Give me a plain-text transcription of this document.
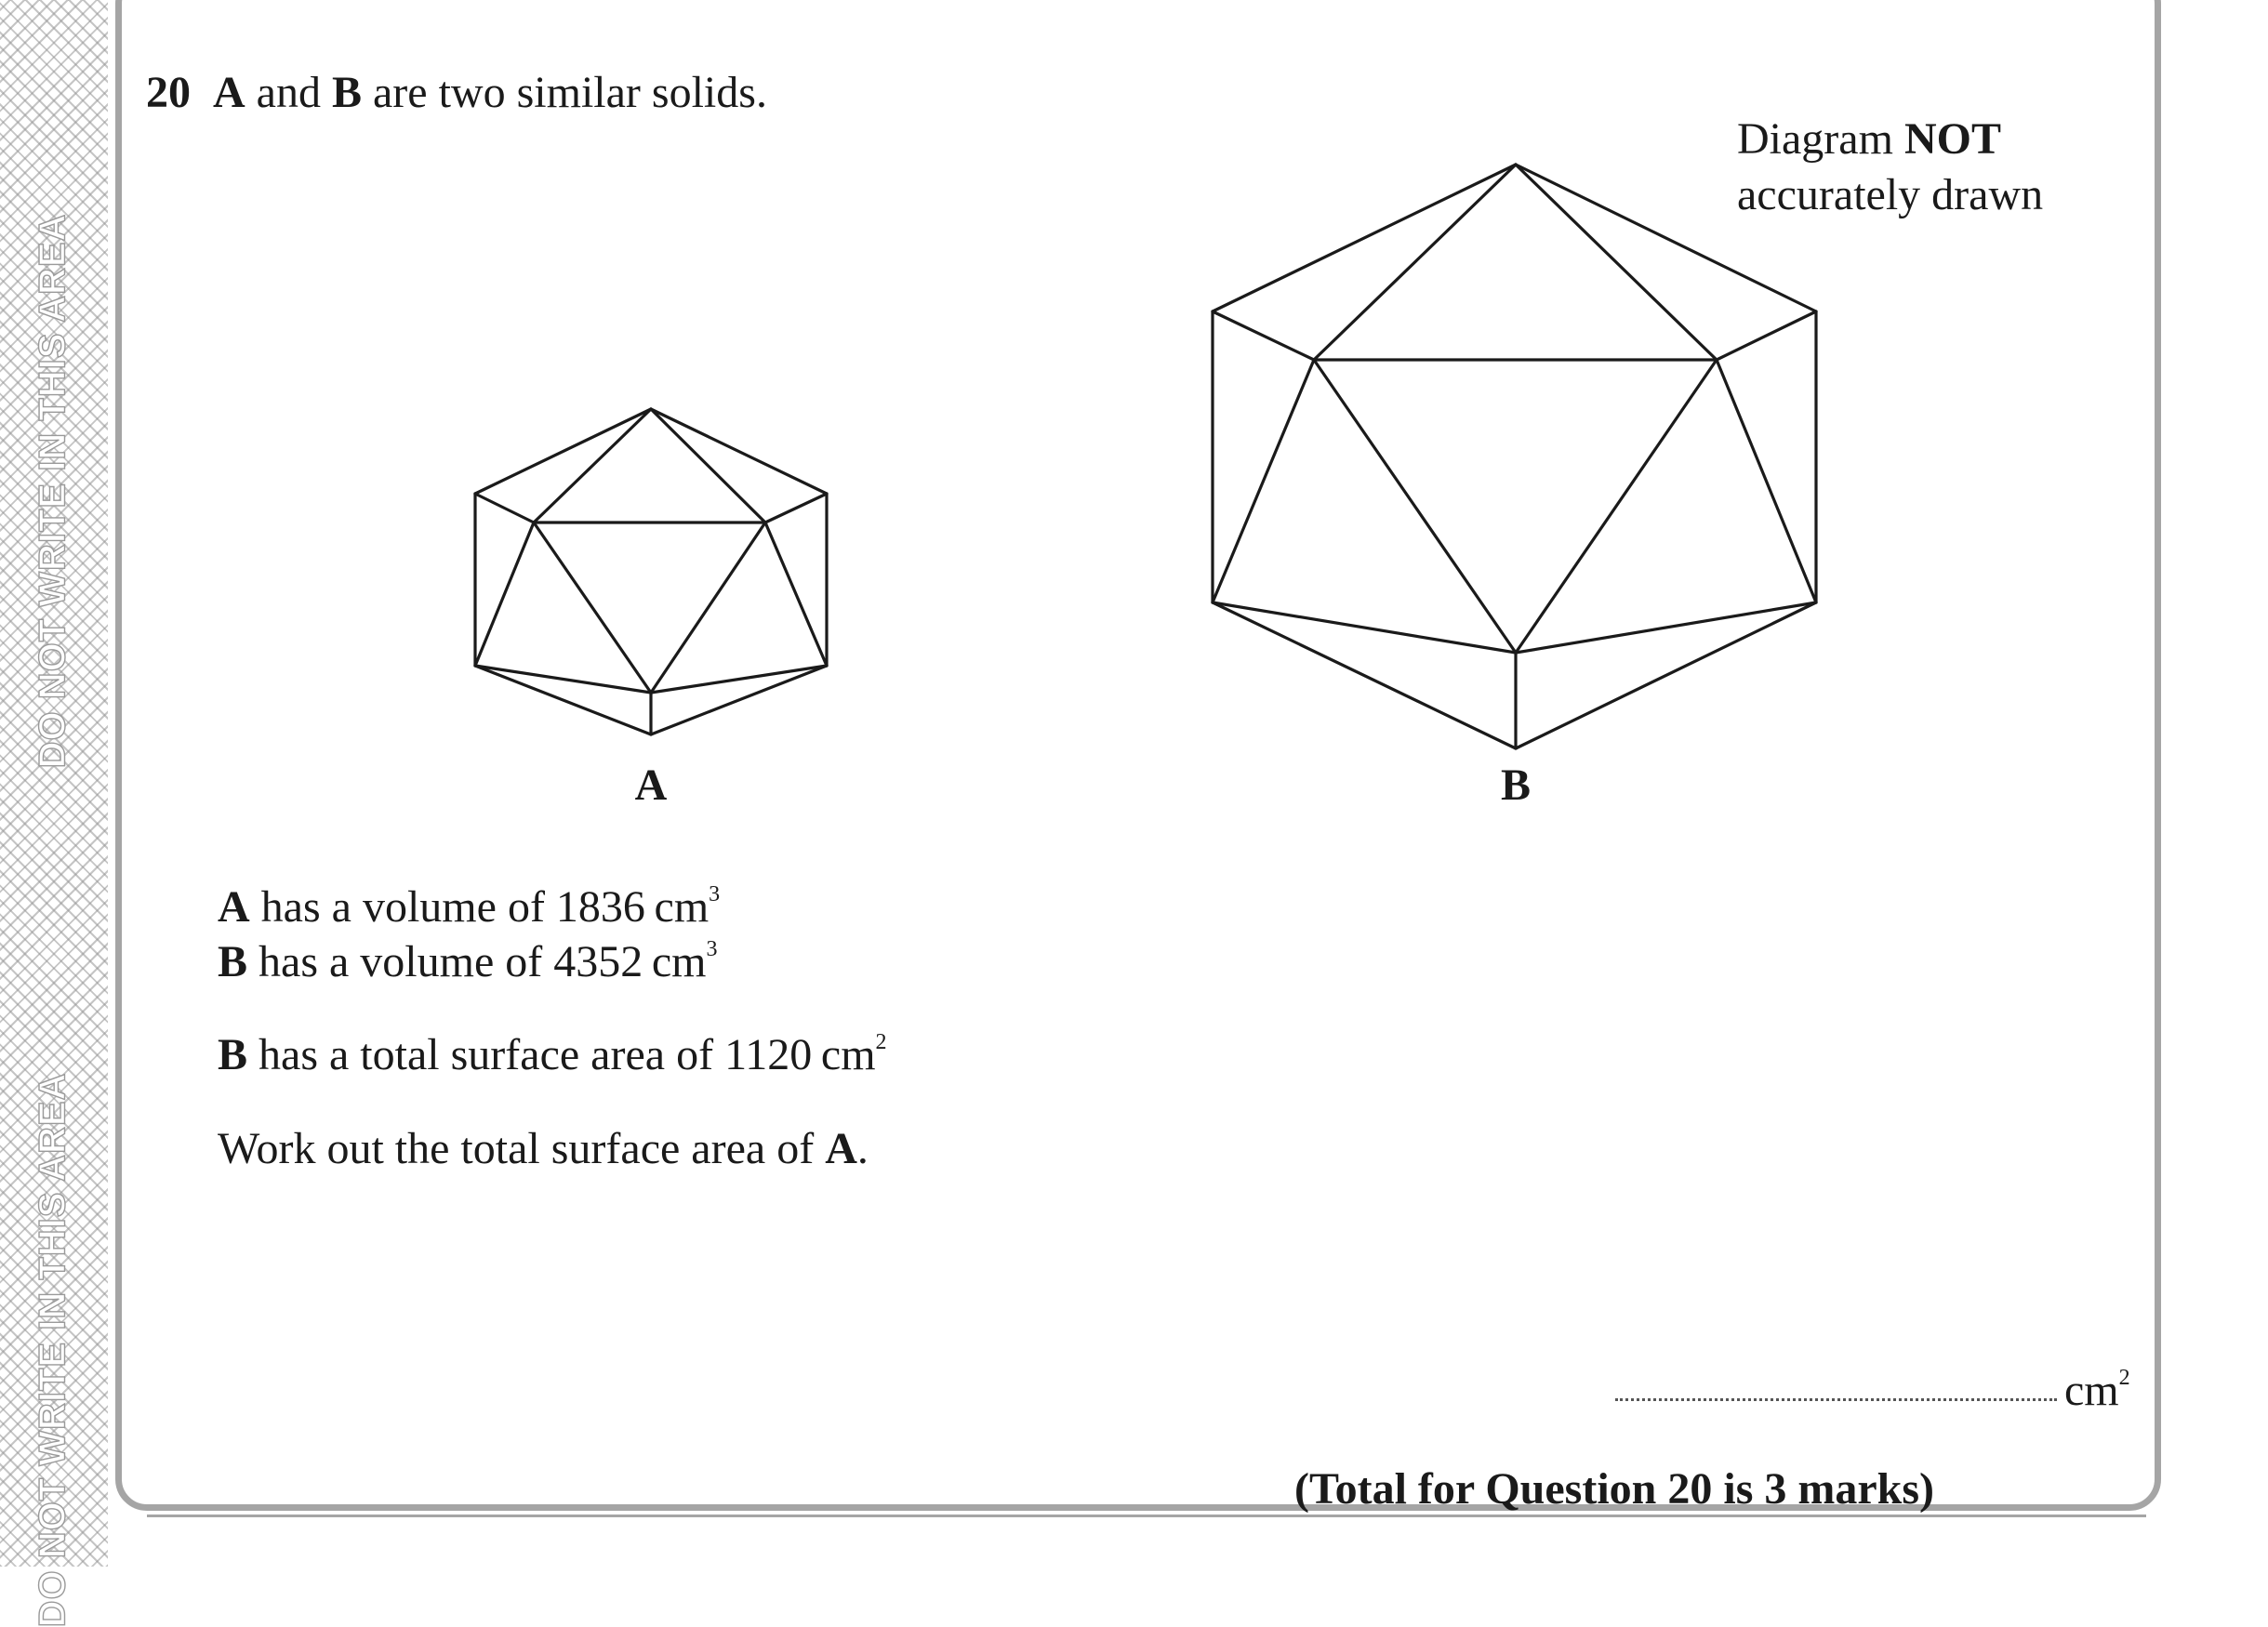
DO NOT WRITE IN THIS AREA
DO NOT WRITE IN THIS AREA
20 A and B are two similar solids.
Diagram NOT
accurately drawn
A	B
A has a volume of 1836 $cm^3$
B has a volume of 4352 $cm^3$
B has a total surface area of 1120 $cm^2$
Work out the total surface area of A.
$cm^2$
(Total for Question 20 is 3 marks)
